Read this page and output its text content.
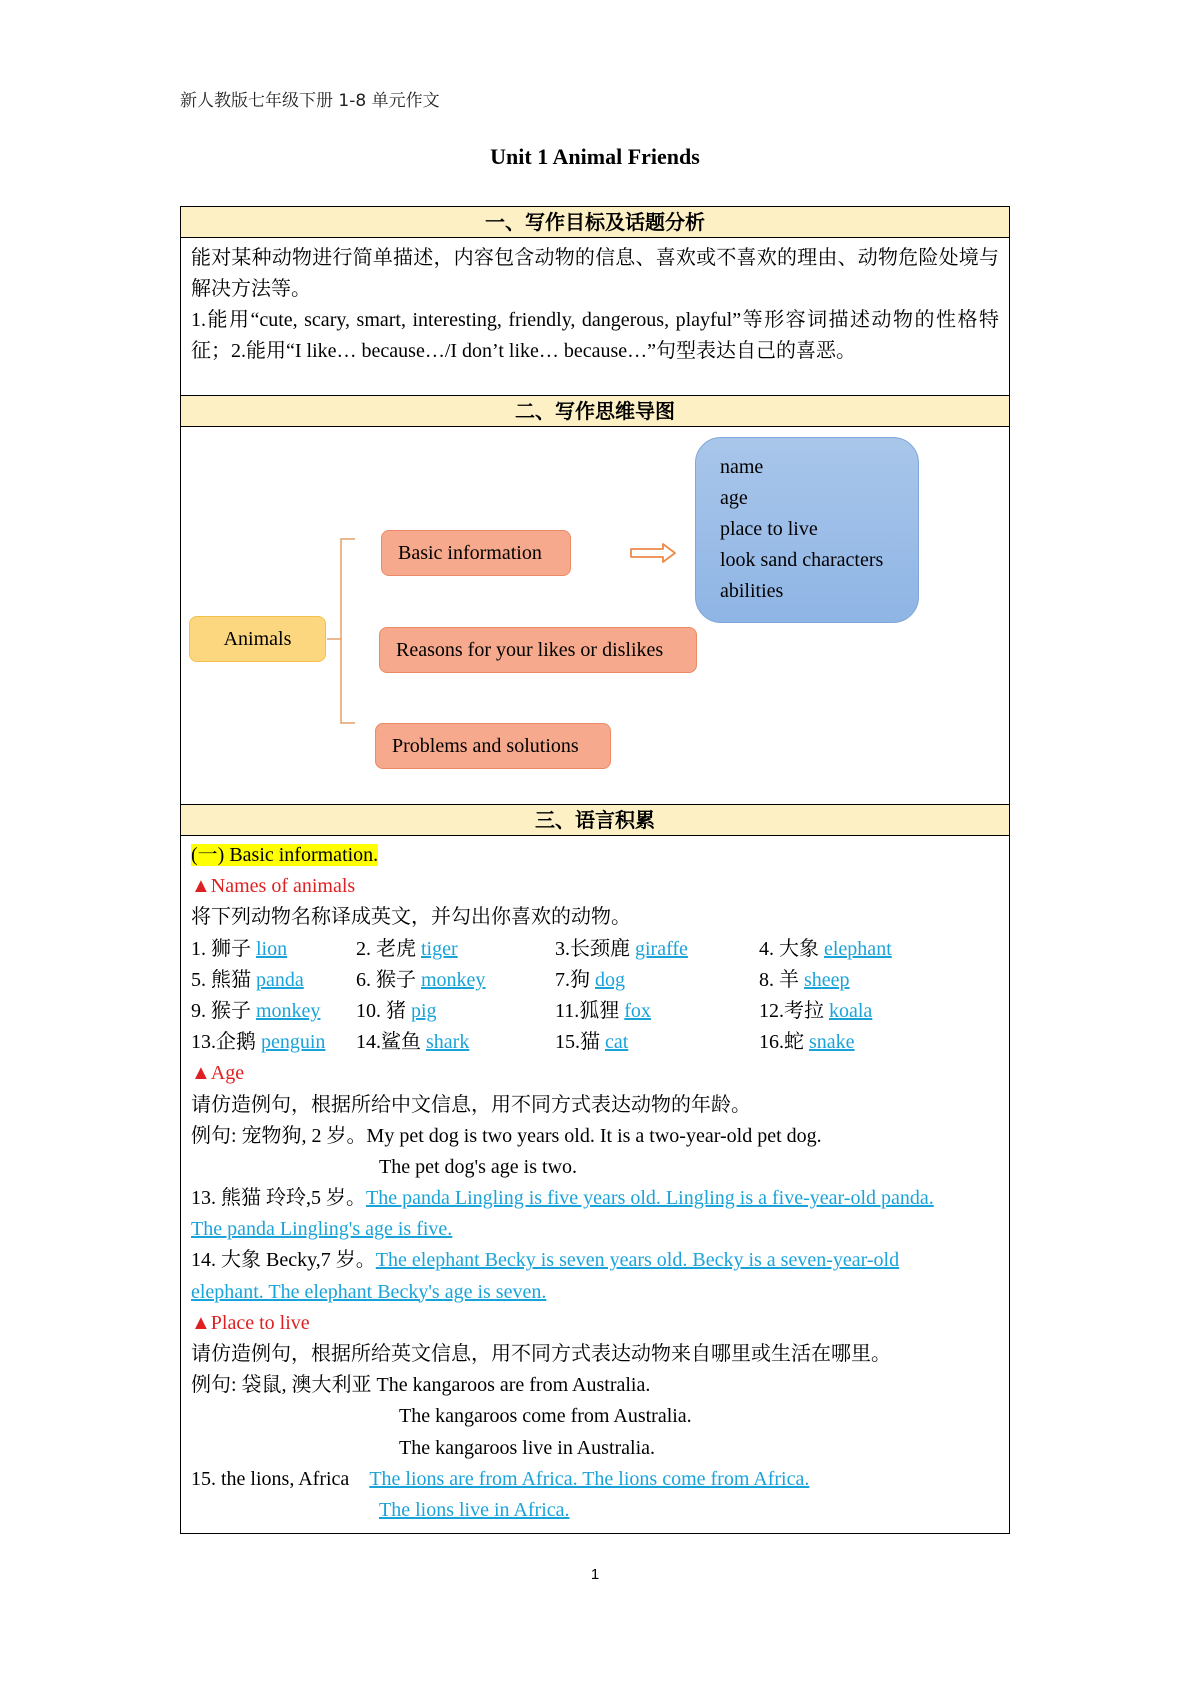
新人教版七年级下册 1-8 单元作文
Unit 1 Animal Friends
一、写作目标及话题分析

能对某种动物进行简单描述，内容包含动物的信息、喜欢或不喜欢的理由、动物危险处境与解决方法等。

1.能用“cute, scary, smart, interesting, friendly, dangerous, playful”等形容词描述动物的性格特征；2.能用“I like… because…/I don’t like… because…”句型表达自己的喜恶。

二、写作思维导图
Animals
Basic information
Reasons for your likes or dislikes
Problems and solutions
name
age
place to live
look sand characters
abilities
三、语言积累
(一) Basic information.
▲Names of animals
将下列动物名称译成英文，并勾出你喜欢的动物。
1. 狮子 lion	2. 老虎 tiger	3.长颈鹿 giraffe	4. 大象 elephant
5. 熊猫 panda	6. 猴子 monkey	7.狗 dog	8. 羊 sheep
9. 猴子 monkey 10. 猪 pig	11.狐狸 fox	12.考拉 koala
13.企鹅 penguin 14.鲨鱼 shark	15.猫 cat	16.蛇 snake
▲Age
请仿造例句，根据所给中文信息，用不同方式表达动物的年龄。
例句: 宠物狗, 2 岁。My pet dog is two years old. It is a two-year-old pet dog.
The pet dog's age is two.
13. 熊猫 玲玲,5 岁。The panda Lingling is five years old. Lingling is a five-year-old panda.
The panda Lingling's age is five.
14. 大象 Becky,7 岁。The elephant Becky is seven years old. Becky is a seven-year-old
elephant. The elephant Becky's age is seven.
▲Place to live
请仿造例句，根据所给英文信息，用不同方式表达动物来自哪里或生活在哪里。
例句: 袋鼠, 澳大利亚 The kangaroos are from Australia.
The kangaroos come from Australia.
The kangaroos live in Australia.
15. the lions, Africa The lions are from Africa. The lions come from Africa.
The lions live in Africa.
1
